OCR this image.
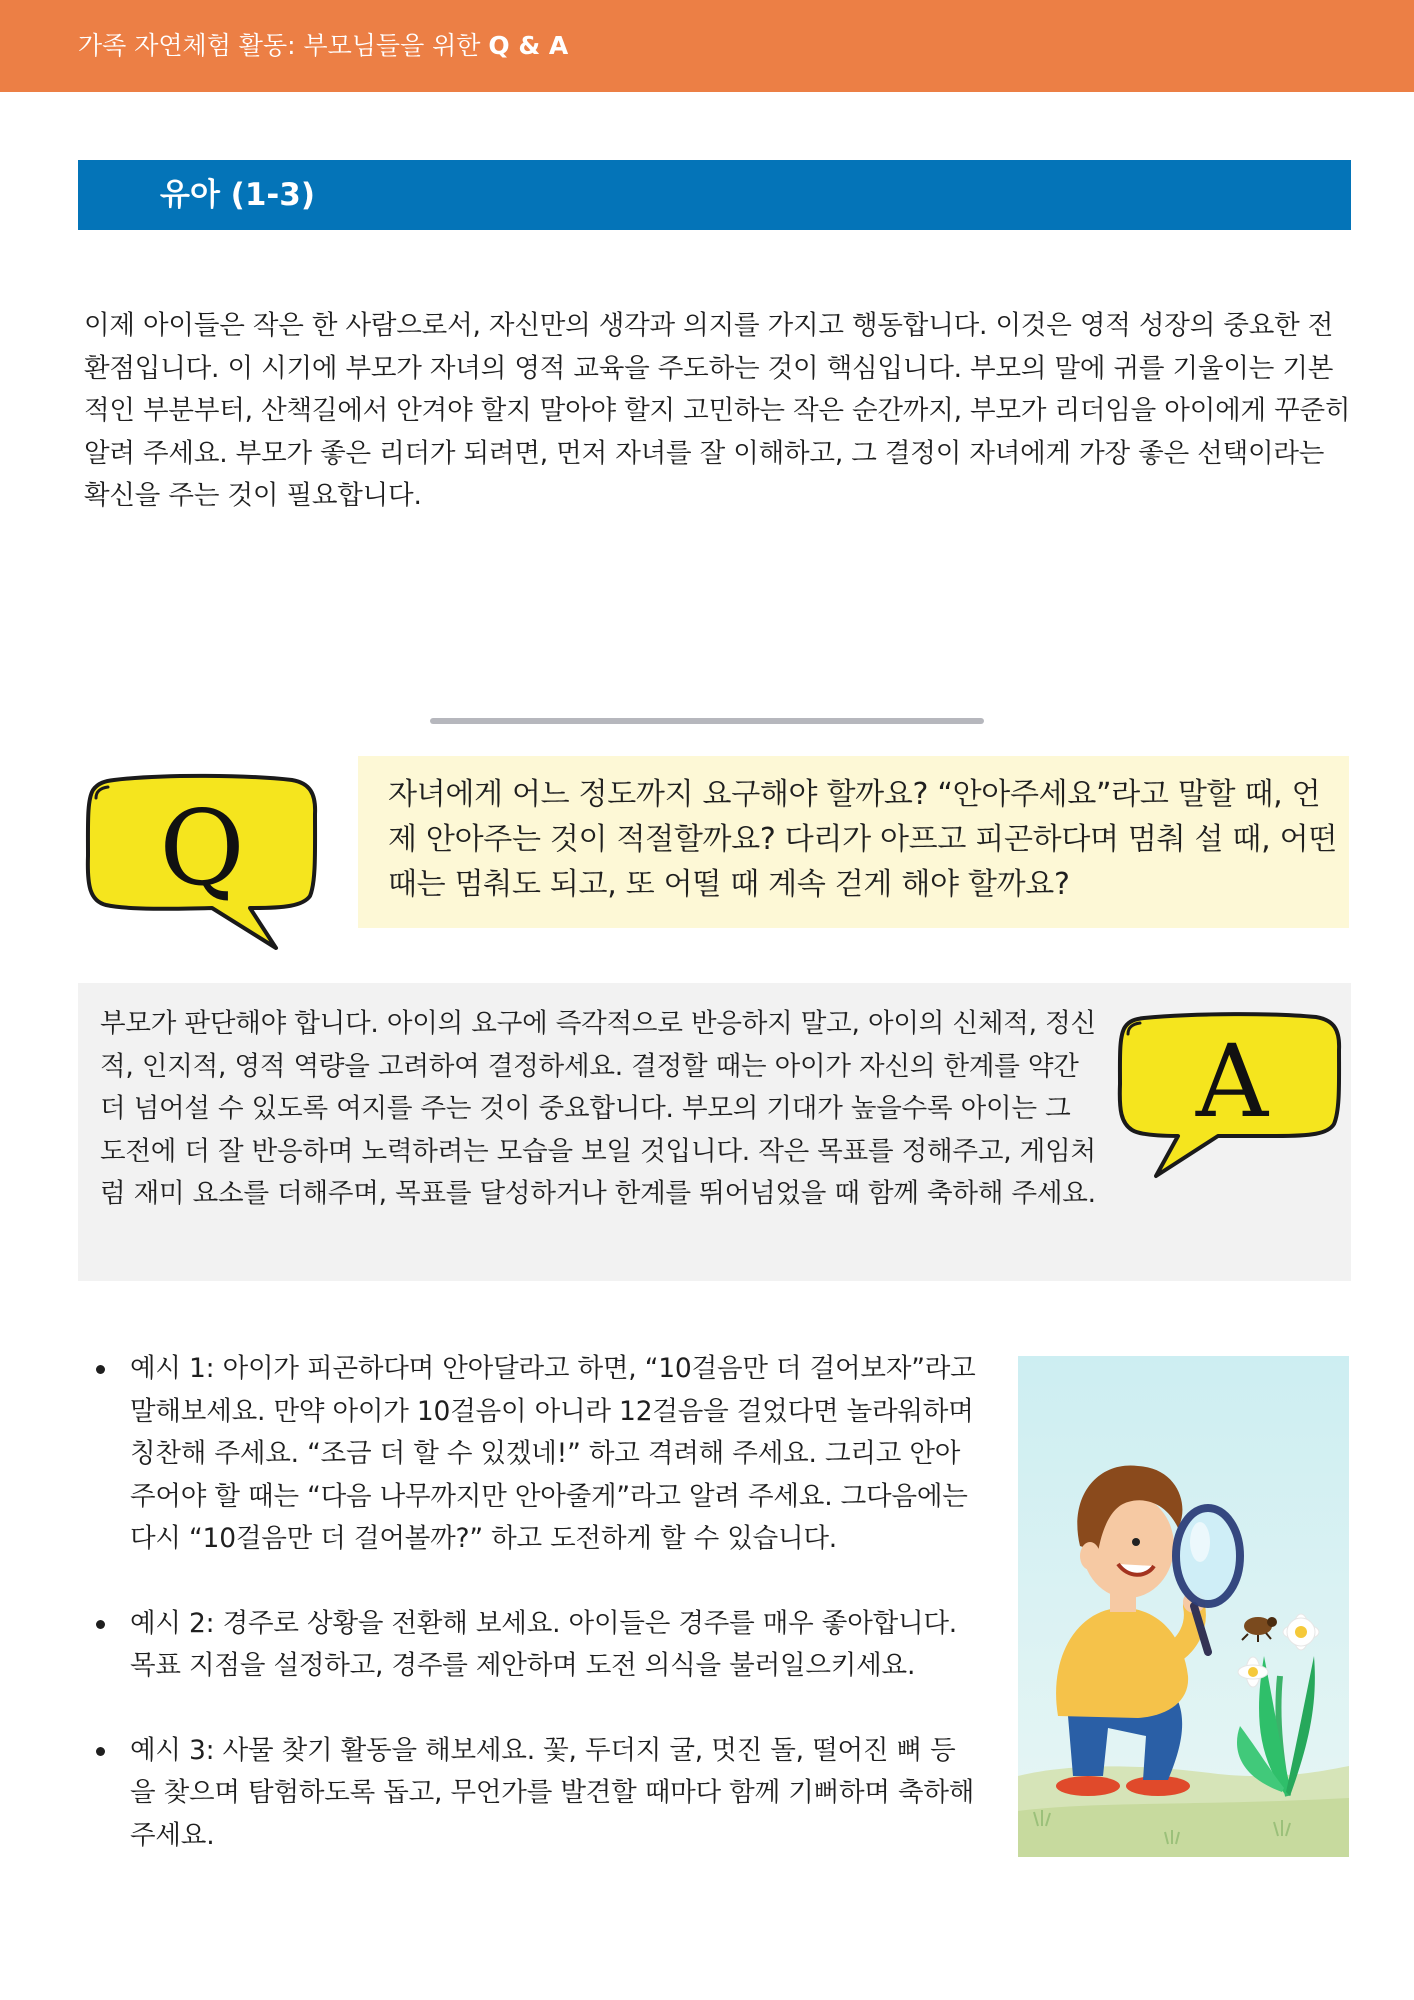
가족 자연체험 활동: 부모님들을 위한 Q & A
유아 (1-3)

이제 아이들은 작은 한 사람으로서, 자신만의 생각과 의지를 가지고 행동합니다. 이것은 영적 성장의 중요한 전환점입니다. 이 시기에 부모가 자녀의 영적 교육을 주도하는 것이 핵심입니다. 부모의 말에 귀를 기울이는 기본적인 부분부터, 산책길에서 안겨야 할지 말아야 할지 고민하는 작은 순간까지, 부모가 리더임을 아이에게 꾸준히 알려 주세요. 부모가 좋은 리더가 되려면, 먼저 자녀를 잘 이해하고, 그 결정이 자녀에게 가장 좋은 선택이라는 확신을 주는 것이 필요합니다.

Q	자녀에게 어느 정도까지 요구해야 할까요? “안아주세요”라고 말할 때, 언제 안아주는 것이 적절할까요? 다리가 아프고 피곤하다며 멈춰 설 때, 어떤 때는 멈춰도 되고, 또 어떨 때 계속 걷게 해야 할까요?

부모가 판단해야 합니다. 아이의 요구에 즉각적으로 반응하지 말고, 아이의 신체적, 정신적, 인지적, 영적 역량을 고려하여 결정하세요. 결정할 때는 아이가 자신의 한계를 약간 더 넘어설 수 있도록 여지를 주는 것이 중요합니다. 부모의 기대가 높을수록 아이는 그 도전에 더 잘 반응하며 노력하려는 모습을 보일 것입니다. 작은 목표를 정해주고, 게임처럼 재미 요소를 더해주며, 목표를 달성하거나 한계를 뛰어넘었을 때 함께 축하해 주세요.

A
예시 1: 아이가 피곤하다며 안아달라고 하면, “10걸음만 더 걸어보자”라고 말해보세요. 만약 아이가 10걸음이 아니라 12걸음을 걸었다면 놀라워하며 칭찬해 주세요. “조금 더 할 수 있겠네!” 하고 격려해 주세요. 그리고 안아주어야 할 때는 “다음 나무까지만 안아줄게”라고 알려 주세요. 그다음에는 다시 “10걸음만 더 걸어볼까?” 하고 도전하게 할 수 있습니다.
예시 2: 경주로 상황을 전환해 보세요. 아이들은 경주를 매우 좋아합니다. 목표 지점을 설정하고, 경주를 제안하며 도전 의식을 불러일으키세요.
예시 3: 사물 찾기 활동을 해보세요. 꽃, 두더지 굴, 멋진 돌, 떨어진 뼈 등을 찾으며 탐험하도록 돕고, 무언가를 발견할 때마다 함께 기뻐하며 축하해 주세요.
